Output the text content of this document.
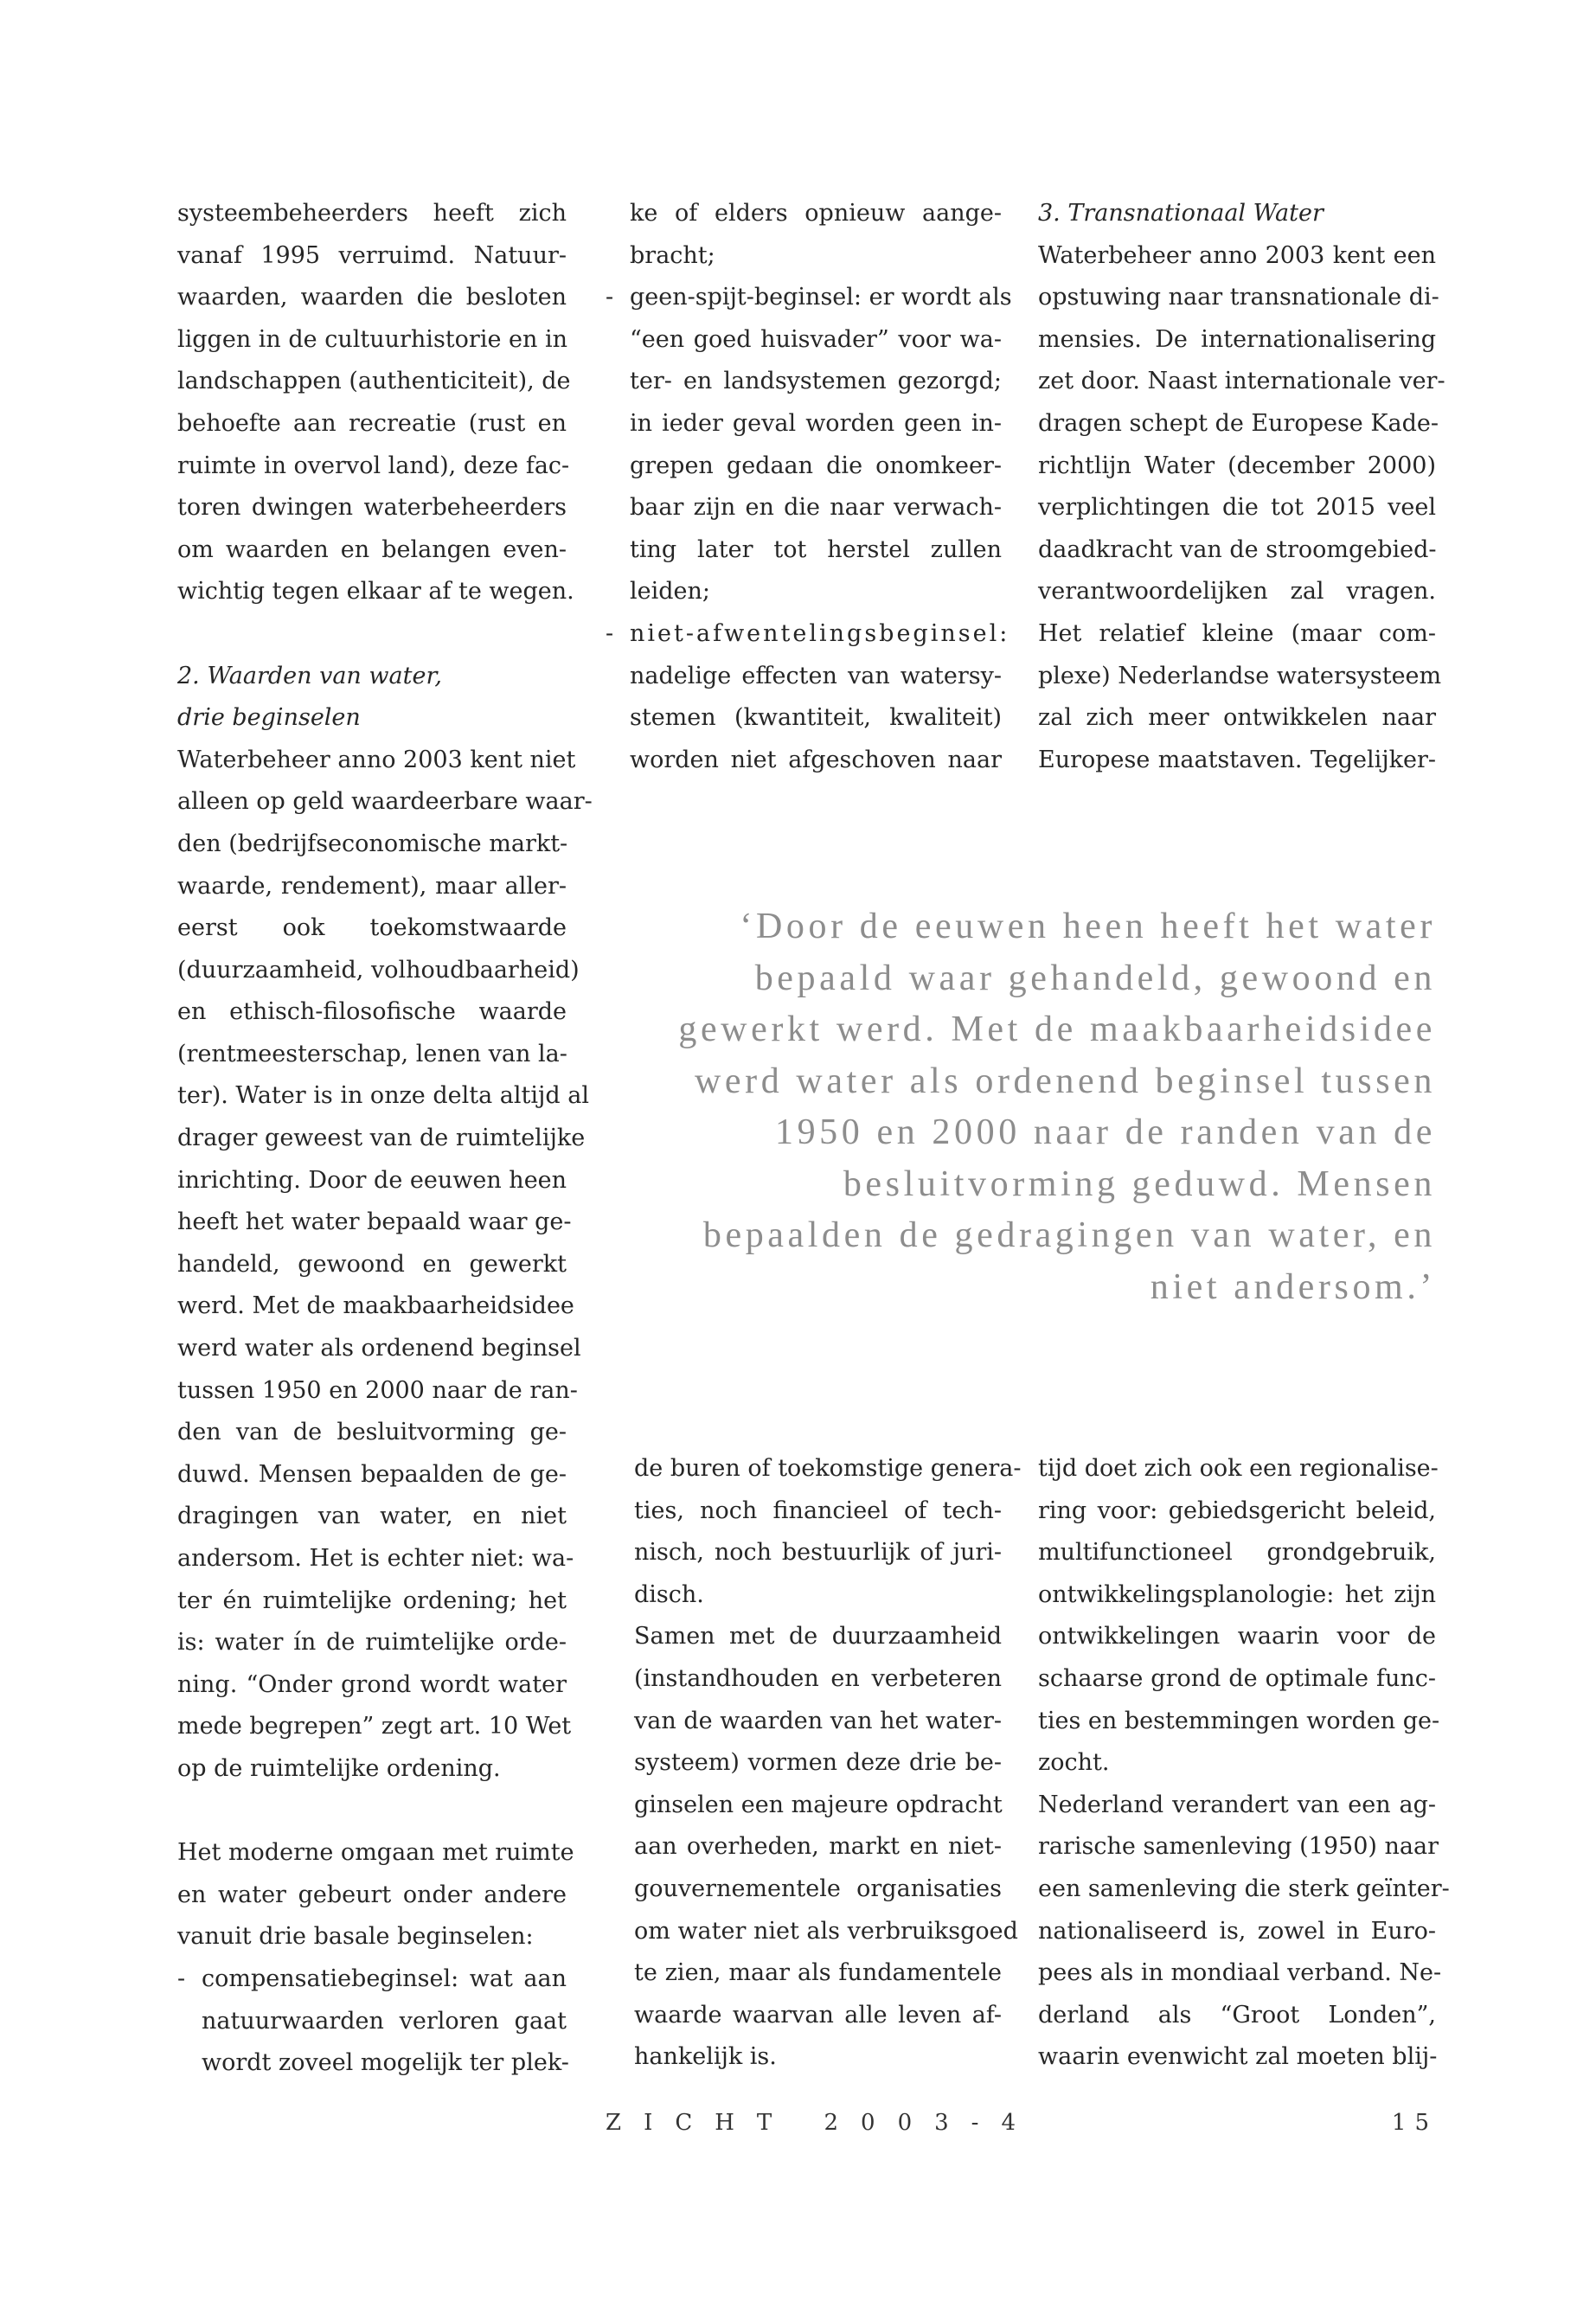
systeembeheerders heeft zich
vanaf 1995 verruimd. Natuur-
waarden, waarden die besloten
liggen in de cultuurhistorie en in
landschappen (authenticiteit), de
behoefte aan recreatie (rust en
ruimte in overvol land), deze fac-
toren dwingen waterbeheerders
om waarden en belangen even-
wichtig tegen elkaar af te wegen.
2. Waarden van water,
drie beginselen
Waterbeheer anno 2003 kent niet
alleen op geld waardeerbare waar-
den (bedrijfseconomische markt-
waarde, rendement), maar aller-
eerst ook toekomstwaarde
(duurzaamheid, volhoudbaarheid)
en ethisch-filosofische waarde
(rentmeesterschap, lenen van la-
ter). Water is in onze delta altijd al
drager geweest van de ruimtelijke
inrichting. Door de eeuwen heen
heeft het water bepaald waar ge-
handeld, gewoond en gewerkt
werd. Met de maakbaarheidsidee
werd water als ordenend beginsel
tussen 1950 en 2000 naar de ran-
den van de besluitvorming ge-
duwd. Mensen bepaalden de ge-
dragingen van water, en niet
andersom. Het is echter niet: wa-
ter én ruimtelijke ordening; het
is: water ín de ruimtelijke orde-
ning. “Onder grond wordt water
mede begrepen” zegt art. 10 Wet
op de ruimtelijke ordening.
Het moderne omgaan met ruimte
en water gebeurt onder andere
vanuit drie basale beginselen:
- compensatiebeginsel: wat aan
natuurwaarden verloren gaat
wordt zoveel mogelijk ter plek-
ke of elders opnieuw aange-
bracht;
- geen-spijt-beginsel: er wordt als
“een goed huisvader” voor wa-
ter- en landsystemen gezorgd;
in ieder geval worden geen in-
grepen gedaan die onomkeer-
baar zijn en die naar verwach-
ting later tot herstel zullen
leiden;
- niet-afwentelingsbeginsel:
nadelige effecten van watersy-
stemen (kwantiteit, kwaliteit)
worden niet afgeschoven naar
3. Transnationaal Water
Waterbeheer anno 2003 kent een
opstuwing naar transnationale di-
mensies. De internationalisering
zet door. Naast internationale ver-
dragen schept de Europese Kade-
richtlijn Water (december 2000)
verplichtingen die tot 2015 veel
daadkracht van de stroomgebied-
verantwoordelijken zal vragen.
Het relatief kleine (maar com-
plexe) Nederlandse watersysteem
zal zich meer ontwikkelen naar
Europese maatstaven. Tegelijker-
‘Door de eeuwen heen heeft het water
bepaald waar gehandeld, gewoond en
gewerkt werd. Met de maakbaarheidsidee
werd water als ordenend beginsel tussen
1950 en 2000 naar de randen van de
besluitvorming geduwd. Mensen
bepaalden de gedragingen van water, en
niet andersom.’
de buren of toekomstige genera-
ties, noch financieel of tech-
nisch, noch bestuurlijk of juri-
disch.
Samen met de duurzaamheid
(instandhouden en verbeteren
van de waarden van het water-
systeem) vormen deze drie be-
ginselen een majeure opdracht
aan overheden, markt en niet-
gouvernementele organisaties
om water niet als verbruiksgoed
te zien, maar als fundamentele
waarde waarvan alle leven af-
hankelijk is.
tijd doet zich ook een regionalise-
ring voor: gebiedsgericht beleid,
multifunctioneel grondgebruik,
ontwikkelingsplanologie: het zijn
ontwikkelingen waarin voor de
schaarse grond de optimale func-
ties en bestemmingen worden ge-
zocht.
Nederland verandert van een ag-
rarische samenleving (1950) naar
een samenleving die sterk geïnter-
nationaliseerd is, zowel in Euro-
pees als in mondiaal verband. Ne-
derland als “Groot Londen”,
waarin evenwicht zal moeten blij-
ZICHT 2003-4	15
